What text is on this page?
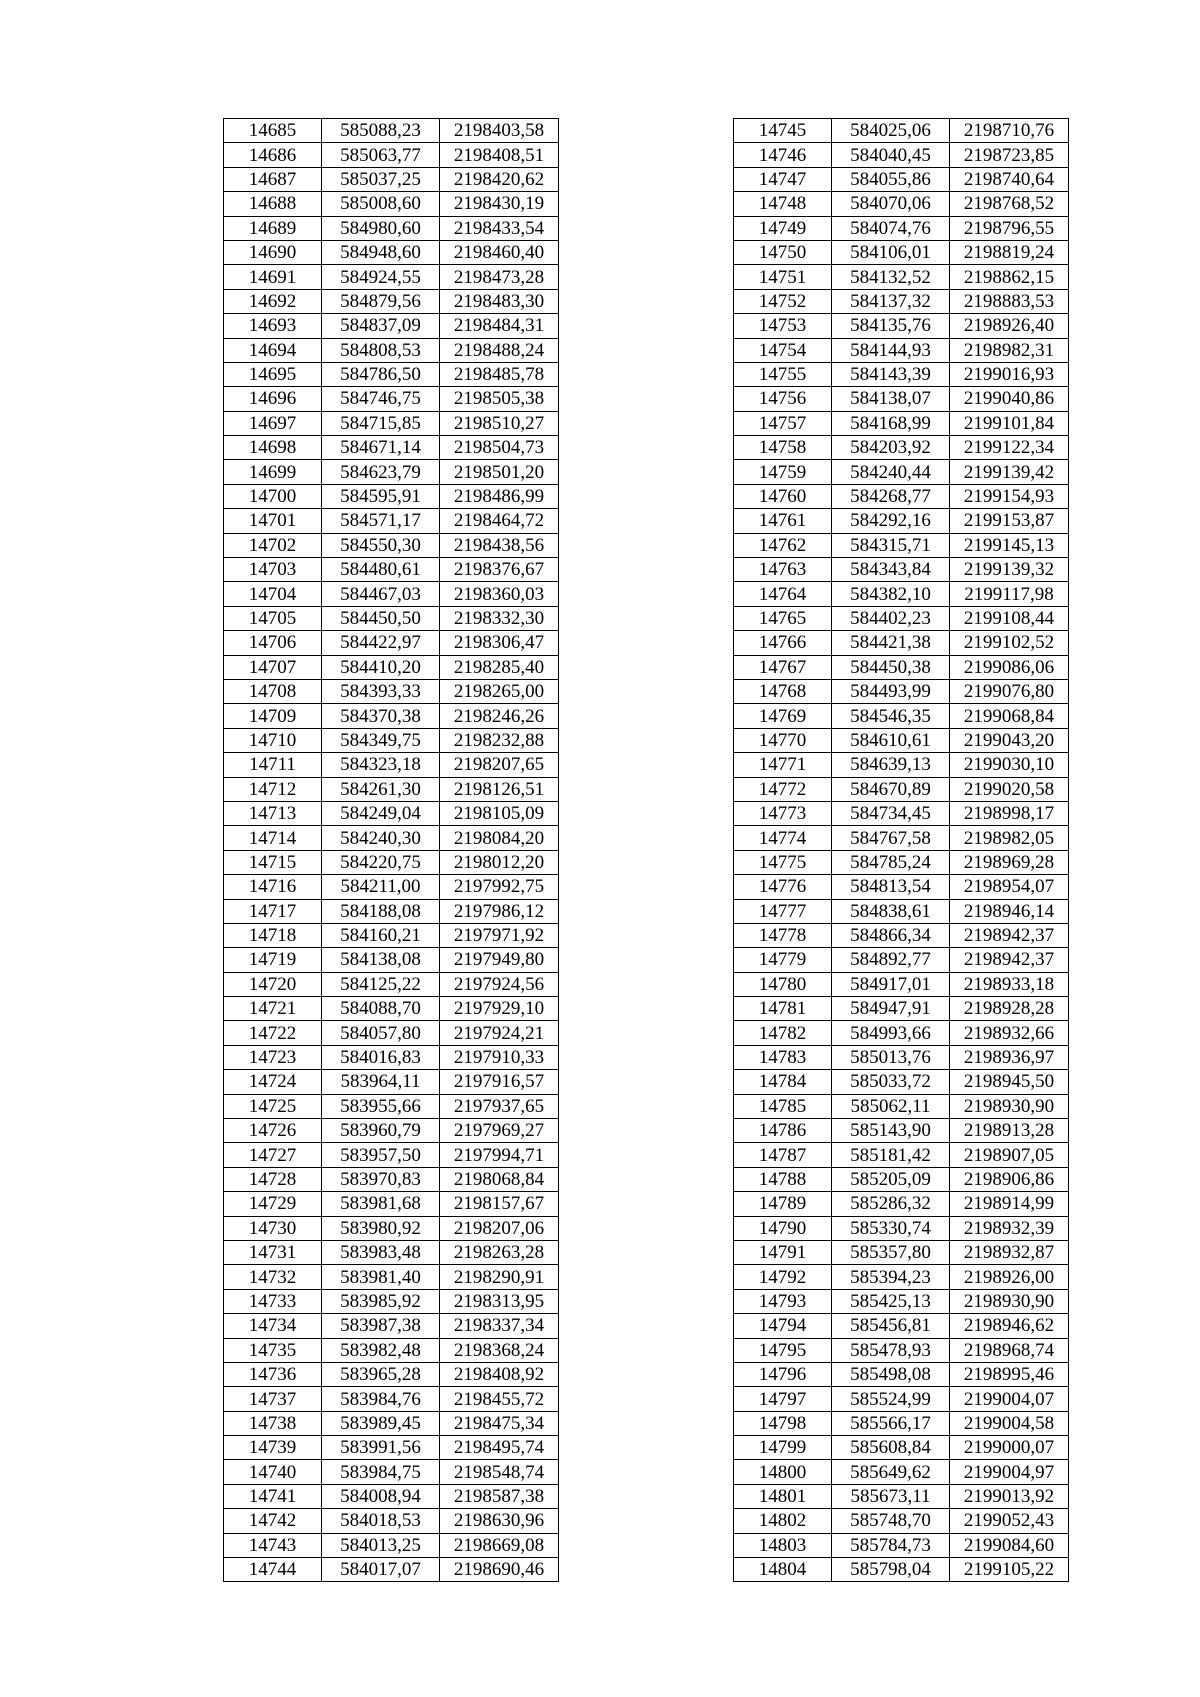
14685	585088,23	2198403,58
14686	585063,77	2198408,51
14687	585037,25	2198420,62
14688	585008,60	2198430,19
14689	584980,60	2198433,54
14690	584948,60	2198460,40
14691	584924,55	2198473,28
14692	584879,56	2198483,30
14693	584837,09	2198484,31
14694	584808,53	2198488,24
14695	584786,50	2198485,78
14696	584746,75	2198505,38
14697	584715,85	2198510,27
14698	584671,14	2198504,73
14699	584623,79	2198501,20
14700	584595,91	2198486,99
14701	584571,17	2198464,72
14702	584550,30	2198438,56
14703	584480,61	2198376,67
14704	584467,03	2198360,03
14705	584450,50	2198332,30
14706	584422,97	2198306,47
14707	584410,20	2198285,40
14708	584393,33	2198265,00
14709	584370,38	2198246,26
14710	584349,75	2198232,88
14711	584323,18	2198207,65
14712	584261,30	2198126,51
14713	584249,04	2198105,09
14714	584240,30	2198084,20
14715	584220,75	2198012,20
14716	584211,00	2197992,75
14717	584188,08	2197986,12
14718	584160,21	2197971,92
14719	584138,08	2197949,80
14720	584125,22	2197924,56
14721	584088,70	2197929,10
14722	584057,80	2197924,21
14723	584016,83	2197910,33
14724	583964,11	2197916,57
14725	583955,66	2197937,65
14726	583960,79	2197969,27
14727	583957,50	2197994,71
14728	583970,83	2198068,84
14729	583981,68	2198157,67
14730	583980,92	2198207,06
14731	583983,48	2198263,28
14732	583981,40	2198290,91
14733	583985,92	2198313,95
14734	583987,38	2198337,34
14735	583982,48	2198368,24
14736	583965,28	2198408,92
14737	583984,76	2198455,72
14738	583989,45	2198475,34
14739	583991,56	2198495,74
14740	583984,75	2198548,74
14741	584008,94	2198587,38
14742	584018,53	2198630,96
14743	584013,25	2198669,08
14744	584017,07	2198690,46
14745	584025,06	2198710,76
14746	584040,45	2198723,85
14747	584055,86	2198740,64
14748	584070,06	2198768,52
14749	584074,76	2198796,55
14750	584106,01	2198819,24
14751	584132,52	2198862,15
14752	584137,32	2198883,53
14753	584135,76	2198926,40
14754	584144,93	2198982,31
14755	584143,39	2199016,93
14756	584138,07	2199040,86
14757	584168,99	2199101,84
14758	584203,92	2199122,34
14759	584240,44	2199139,42
14760	584268,77	2199154,93
14761	584292,16	2199153,87
14762	584315,71	2199145,13
14763	584343,84	2199139,32
14764	584382,10	2199117,98
14765	584402,23	2199108,44
14766	584421,38	2199102,52
14767	584450,38	2199086,06
14768	584493,99	2199076,80
14769	584546,35	2199068,84
14770	584610,61	2199043,20
14771	584639,13	2199030,10
14772	584670,89	2199020,58
14773	584734,45	2198998,17
14774	584767,58	2198982,05
14775	584785,24	2198969,28
14776	584813,54	2198954,07
14777	584838,61	2198946,14
14778	584866,34	2198942,37
14779	584892,77	2198942,37
14780	584917,01	2198933,18
14781	584947,91	2198928,28
14782	584993,66	2198932,66
14783	585013,76	2198936,97
14784	585033,72	2198945,50
14785	585062,11	2198930,90
14786	585143,90	2198913,28
14787	585181,42	2198907,05
14788	585205,09	2198906,86
14789	585286,32	2198914,99
14790	585330,74	2198932,39
14791	585357,80	2198932,87
14792	585394,23	2198926,00
14793	585425,13	2198930,90
14794	585456,81	2198946,62
14795	585478,93	2198968,74
14796	585498,08	2198995,46
14797	585524,99	2199004,07
14798	585566,17	2199004,58
14799	585608,84	2199000,07
14800	585649,62	2199004,97
14801	585673,11	2199013,92
14802	585748,70	2199052,43
14803	585784,73	2199084,60
14804	585798,04	2199105,22
